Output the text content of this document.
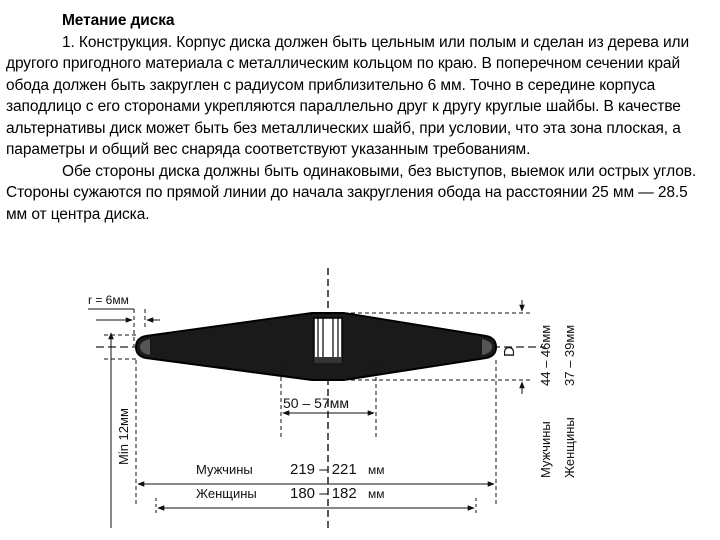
Метание диска

1. Конструкция. Корпус диска должен быть цельным или полым и сделан из дерева или другого пригодного материала с металлическим кольцом по краю. В поперечном сечении край обода должен быть закруглен с радиусом приблизительно 6 мм. Точно в середине корпуса заподлицо с его сторонами укрепляются параллельно друг к другу круглые шайбы. В качестве альтернативы диск может быть без металлических шайб, при условии, что эта зона плоская, а параметры и общий вес снаряда соответствуют указанным требованиям.

Обе стороны диска должны быть одинаковыми, без выступов, выемок или острых углов. Стороны сужаются по прямой линии до начала закругления обода на расстоянии 25 мм — 28.5 мм от центра диска.

r = 6мм
Min 12мм
50 – 57мм
D 44 – 46мм 37 – 39мм
Мужчины Женщины
Мужчины 219 – 221 мм
Женщины 180 – 182 мм
